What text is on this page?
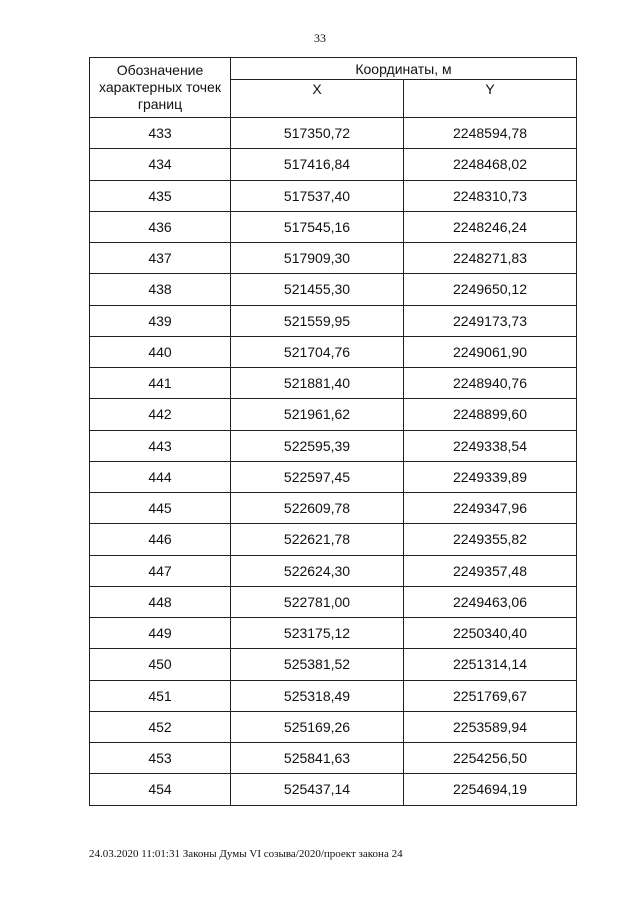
33
Обозначение
характерных точек
границ	Координаты, м	
	X	Y
433	517350,72	2248594,78
434	517416,84	2248468,02
435	517537,40	2248310,73
436	517545,16	2248246,24
437	517909,30	2248271,83
438	521455,30	2249650,12
439	521559,95	2249173,73
440	521704,76	2249061,90
441	521881,40	2248940,76
442	521961,62	2248899,60
443	522595,39	2249338,54
444	522597,45	2249339,89
445	522609,78	2249347,96
446	522621,78	2249355,82
447	522624,30	2249357,48
448	522781,00	2249463,06
449	523175,12	2250340,40
450	525381,52	2251314,14
451	525318,49	2251769,67
452	525169,26	2253589,94
453	525841,63	2254256,50
454	525437,14	2254694,19
24.03.2020 11:01:31 Законы Думы VI созыва/2020/проект закона 24
